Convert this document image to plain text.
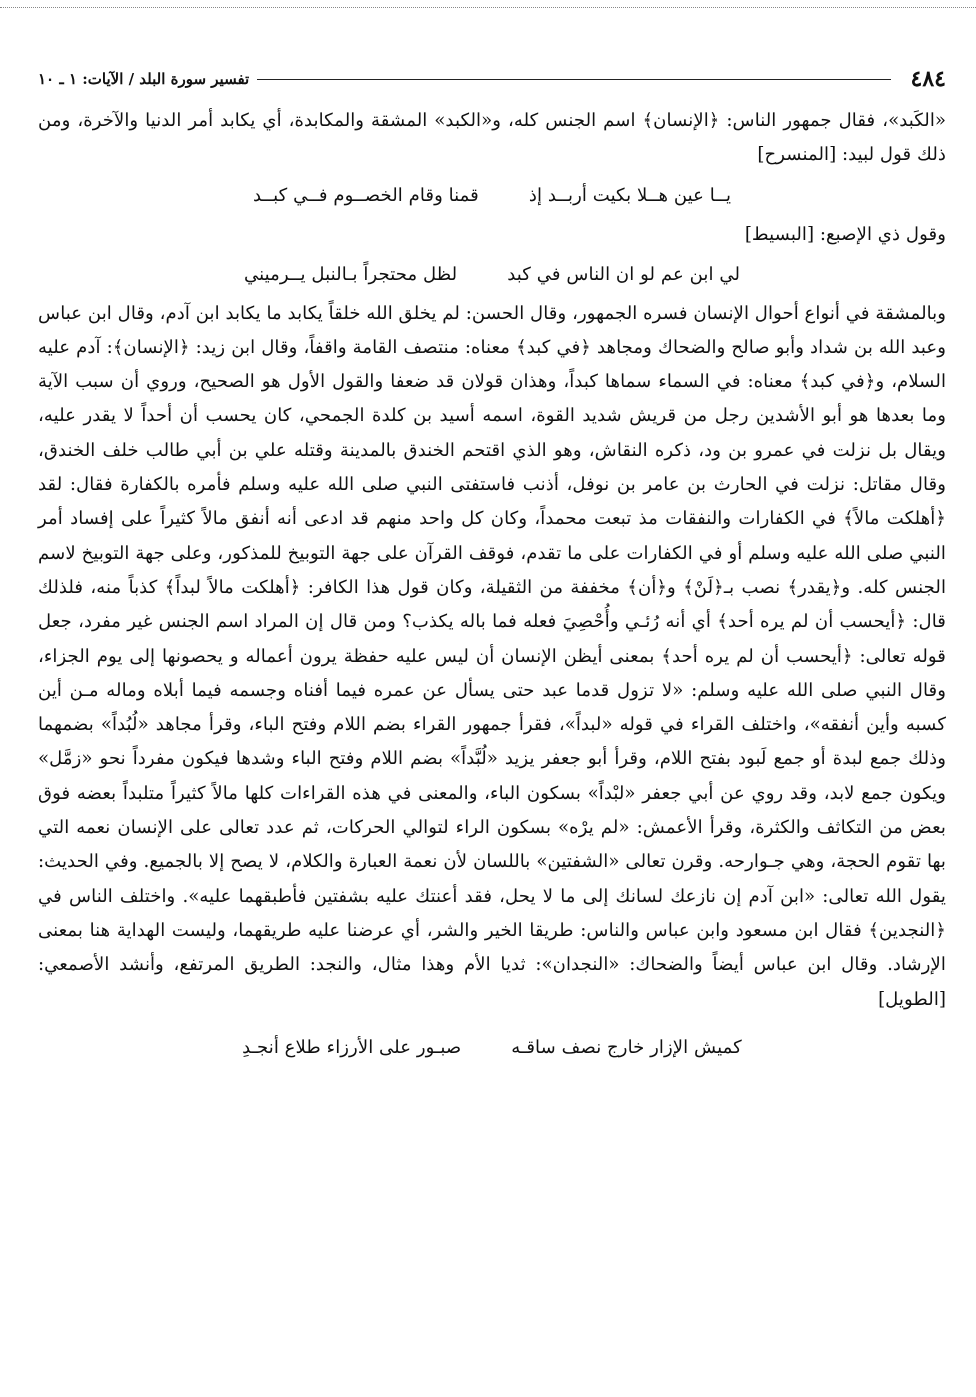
٤٨٤
تفسير سورة البلد / الآيات: ١ ـ ١٠

«الكَبد»، فقال جمهور الناس: ﴿الإنسان﴾ اسم الجنس كله، و«الكبد» المشقة والمكابدة، أي يكابد أمر الدنيا والآخرة، ومن ذلك قول لبيد: [المنسرح]

يــا عين هــلا بكيت أربــد إذ
قمنا وقام الخصــوم فــي كبــد

وقول ذي الإصبع: [البسيط]

لي ابن عم لو ان الناس في كبد
لظل محتجراً بـالنبل يــرميني

وبالمشقة في أنواع أحوال الإنسان فسره الجمهور، وقال الحسن: لم يخلق الله خلقاً يكابد ما يكابد ابن آدم، وقال ابن عباس وعبد الله بن شداد وأبو صالح والضحاك ومجاهد ﴿في كبد﴾ معناه: منتصف القامة واقفاً، وقال ابن زيد: ﴿الإنسان﴾: آدم عليه السلام، و﴿في كبد﴾ معناه: في السماء سماها كبداً، وهذان قولان قد ضعفا والقول الأول هو الصحيح، وروي أن سبب الآية وما بعدها هو أبو الأشدين رجل من قريش شديد القوة، اسمه أسيد بن كلدة الجمحي، كان يحسب أن أحداً لا يقدر عليه، ويقال بل نزلت في عمرو بن ود، ذكره النقاش، وهو الذي اقتحم الخندق بالمدينة وقتله علي بن أبي طالب خلف الخندق، وقال مقاتل: نزلت في الحارث بن عامر بن نوفل، أذنب فاستفتى النبي صلى الله عليه وسلم فأمره بالكفارة فقال: لقد ﴿أهلكت مالاً﴾ في الكفارات والنفقات مذ تبعت محمداً، وكان كل واحد منهم قد ادعى أنه أنفق مالاً كثيراً على إفساد أمر النبي صلى الله عليه وسلم أو في الكفارات على ما تقدم، فوقف القرآن على جهة التوبيخ للمذكور، وعلى جهة التوبيخ لاسم الجنس كله. و﴿يقدر﴾ نصب بـ﴿لَنْ﴾ و﴿أن﴾ مخففة من الثقيلة، وكان قول هذا الكافر: ﴿أهلكت مالاً لبداً﴾ كذباً منه، فلذلك قال: ﴿أيحسب أن لم يره أحد﴾ أي أنه رُئـي وأُحْصِيَ فعله فما باله يكذب؟ ومن قال إن المراد اسم الجنس غير مفرد، جعل قوله تعالى: ﴿أيحسب أن لم يره أحد﴾ بمعنى أيظن الإنسان أن ليس عليه حفظة يرون أعماله و يحصونها إلى يوم الجزاء، وقال النبي صلى الله عليه وسلم: «لا تزول قدما عبد حتى يسأل عن عمره فيما أفناه وجسمه فيما أبلاه وماله مـن أين كسبه وأين أنفقه»، واختلف القراء في قوله «لبداً»، فقرأ جمهور القراء بضم اللام وفتح الباء، وقرأ مجاهد «لُبُداً» بضمهما وذلك جمع لبدة أو جمع لَبود بفتح اللام، وقرأ أبو جعفر يزيد «لُبَّداً» بضم اللام وفتح الباء وشدها فيكون مفرداً نحو «زمَّل» ويكون جمع لابد، وقد روي عن أبي جعفر «لبْداً» بسكون الباء، والمعنى في هذه القراءات كلها مالاً كثيراً متلبداً بعضه فوق بعض من التكاثف والكثرة، وقرأ الأعمش: «لم يرْه» بسكون الراء لتوالي الحركات، ثم عدد تعالى على الإنسان نعمه التي بها تقوم الحجة، وهي جـوارحه. وقرن تعالى «الشفتين» باللسان لأن نعمة العبارة والكلام، لا يصح إلا بالجميع. وفي الحديث: يقول الله تعالى: «ابن آدم إن نازعك لسانك إلى ما لا يحل، فقد أعنتك عليه بشفتين فأطبقهما عليه». واختلف الناس في ﴿النجدين﴾ فقال ابن مسعود وابن عباس والناس: طريقا الخير والشر، أي عرضنا عليه طريقهما، وليست الهداية هنا بمعنى الإرشاد. وقال ابن عباس أيضاً والضحاك: «النجدان»: ثديا الأم وهذا مثال، والنجد: الطريق المرتفع، وأنشد الأصمعي: [الطويل]

كميش الإزار خارج نصف ساقـه
صبـور على الأرزاء طلاع أنجـدِ
